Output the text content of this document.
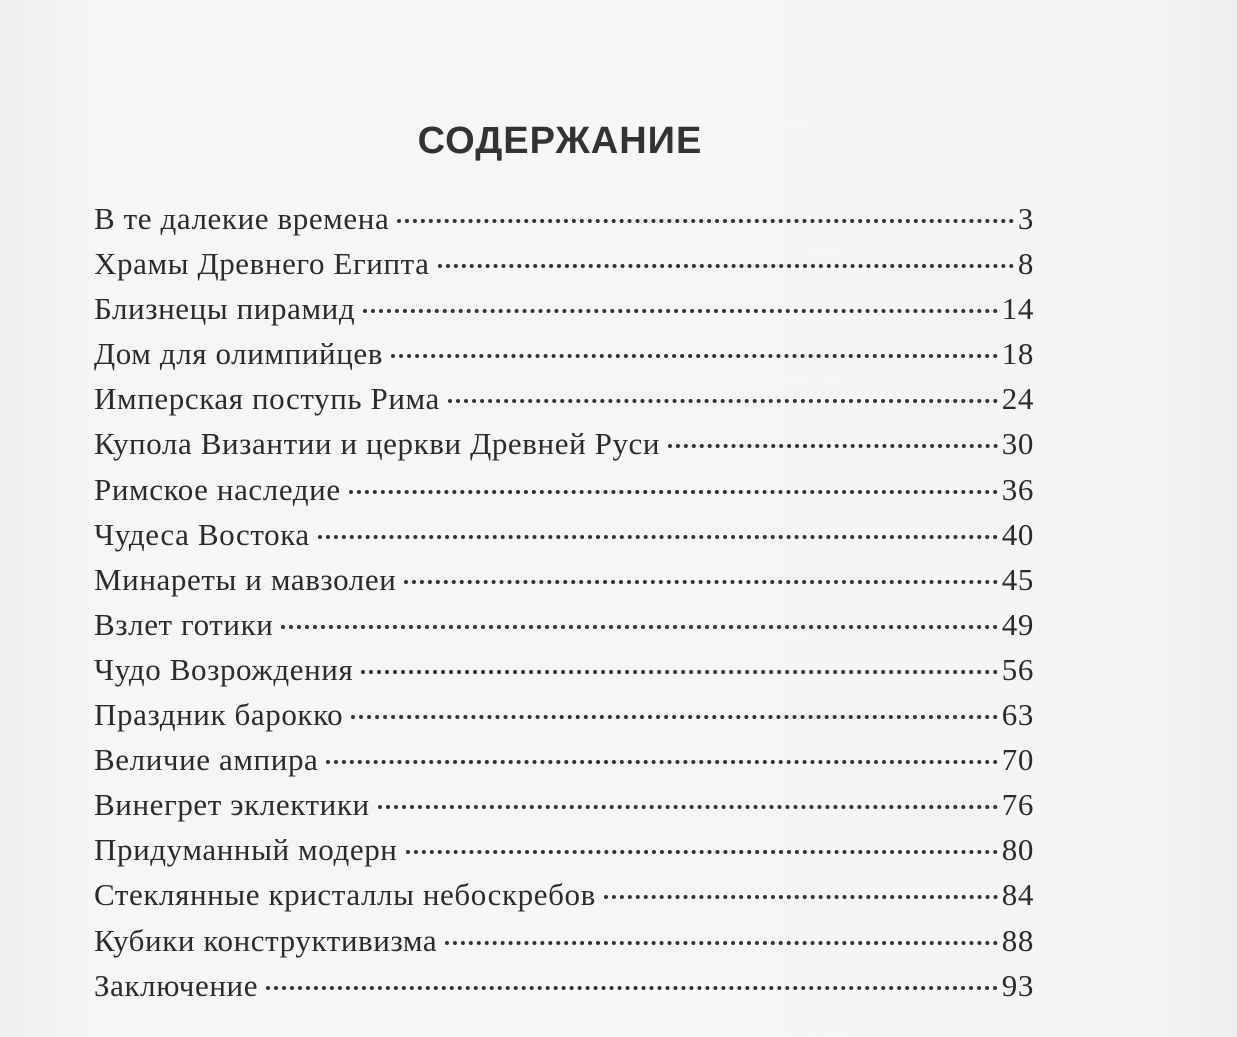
СОДЕРЖАНИЕ
В те далекие времена	3
Храмы Древнего Египта	8
Близнецы пирамид	14
Дом для олимпийцев	18
Имперская поступь Рима	24
Купола Византии и церкви Древней Руси	30
Римское наследие	36
Чудеса Востока	40
Минареты и мавзолеи	45
Взлет готики	49
Чудо Возрождения	56
Праздник барокко	63
Величие ампира	70
Винегрет эклектики	76
Придуманный модерн	80
Стеклянные кристаллы небоскребов	84
Кубики конструктивизма	88
Заключение	93
